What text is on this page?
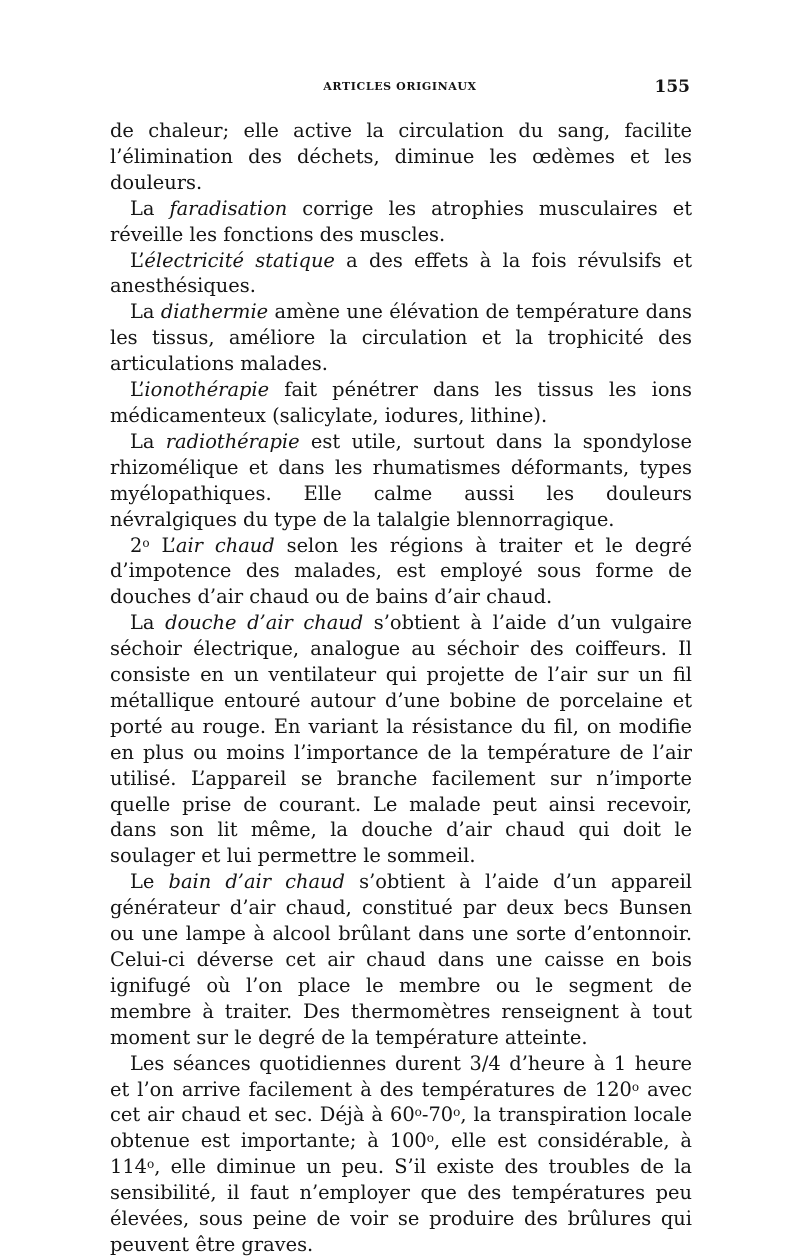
ARTICLES ORIGINAUX	155

de chaleur; elle active la circulation du sang, facilite l’élimination des déchets, diminue les œdèmes et les douleurs.

La faradisation corrige les atrophies musculaires et réveille les fonctions des muscles.

L’électricité statique a des effets à la fois révulsifs et anesthésiques.

La diathermie amène une élévation de température dans les tissus, améliore la circulation et la trophicité des articulations malades.

L’ionothérapie fait pénétrer dans les tissus les ions médicamenteux (salicylate, iodures, lithine).

La radiothérapie est utile, surtout dans la spondylose rhizomélique et dans les rhumatismes déformants, types myélopathiques. Elle calme aussi les douleurs névralgiques du type de la talalgie blennorragique.

2$^o$ L’air chaud selon les régions à traiter et le degré d’impotence des malades, est employé sous forme de douches d’air chaud ou de bains d’air chaud.

La douche d’air chaud s’obtient à l’aide d’un vulgaire séchoir électrique, analogue au séchoir des coiffeurs. Il consiste en un ventilateur qui projette de l’air sur un fil métallique entouré autour d’une bobine de porcelaine et porté au rouge. En variant la résistance du fil, on modifie en plus ou moins l’importance de la température de l’air utilisé. L’appareil se branche facilement sur n’importe quelle prise de courant. Le malade peut ainsi recevoir, dans son lit même, la douche d’air chaud qui doit le soulager et lui permettre le sommeil.

Le bain d’air chaud s’obtient à l’aide d’un appareil générateur d’air chaud, constitué par deux becs Bunsen ou une lampe à alcool brûlant dans une sorte d’entonnoir. Celui-ci déverse cet air chaud dans une caisse en bois ignifugé où l’on place le membre ou le segment de membre à traiter. Des thermomètres renseignent à tout moment sur le degré de la température atteinte.

Les séances quotidiennes durent 3/4 d’heure à 1 heure et l’on arrive facilement à des températures de 120$^o$ avec cet air chaud et sec. Déjà à 60$^o$-70$^o$, la transpiration locale obtenue est importante; à 100$^o$, elle est considérable, à 114$^o$, elle diminue un peu. S’il existe des troubles de la sensibilité, il faut n’employer que des températures peu élevées, sous peine de voir se produire des brûlures qui peuvent être graves.
